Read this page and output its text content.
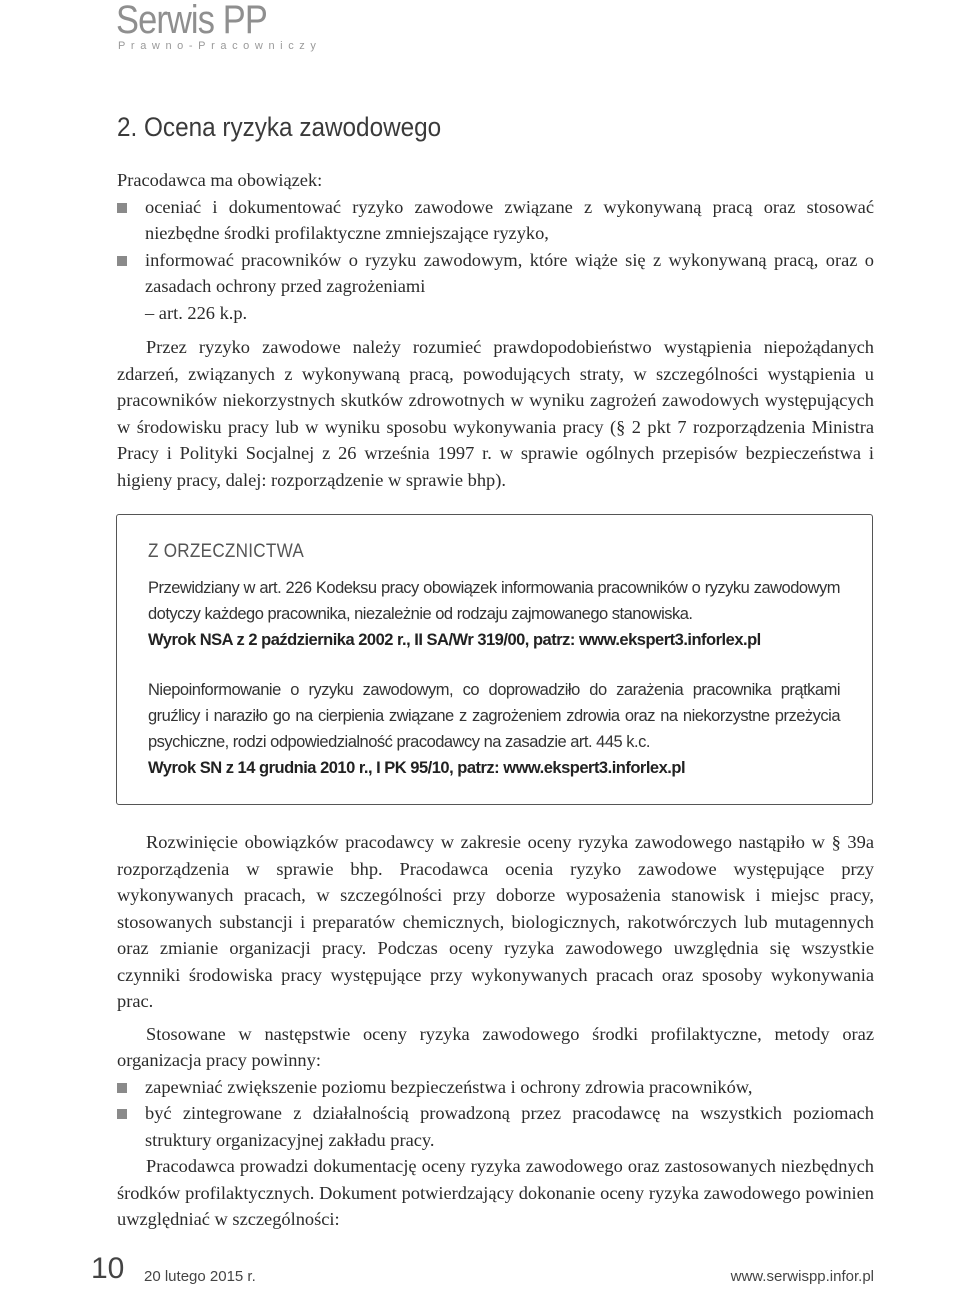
Serwis PP
Prawno-Pracowniczy
2. Ocena ryzyka zawodowego

Pracodawca ma obowiązek:

oceniać i dokumentować ryzyko zawodowe związane z wykonywaną pracą oraz stosować niezbędne środki profilaktyczne zmniejszające ryzyko,
informować pracowników o ryzyku zawodowym, które wiąże się z wykonywaną pracą, oraz o zasadach ochrony przed zagrożeniami

– art. 226 k.p.

Przez ryzyko zawodowe należy rozumieć prawdopodobieństwo wystąpienia niepożądanych zdarzeń, związanych z wykonywaną pracą, powodujących straty, w szczególności wystąpienia u pracowników niekorzystnych skutków zdrowotnych w wyniku zagrożeń zawodowych występujących w środowisku pracy lub w wyniku sposobu wykonywania pracy (§ 2 pkt 7 rozporządzenia Ministra Pracy i Polityki Socjalnej z 26 września 1997 r. w sprawie ogólnych przepisów bezpieczeństwa i higieny pracy, dalej: rozporządzenie w sprawie bhp).

Z ORZECZNICTWA
Przewidziany w art. 226 Kodeksu pracy obowiązek informowania pracowników o ryzyku zawodowym dotyczy każdego pracownika, niezależnie od rodzaju zajmowanego stanowiska.
Wyrok NSA z 2 października 2002 r., II SA/Wr 319/00, patrz: www.ekspert3.inforlex.pl
Niepoinformowanie o ryzyku zawodowym, co doprowadziło do zarażenia pracownika prątkami gruźlicy i naraziło go na cierpienia związane z zagrożeniem zdrowia oraz na niekorzystne przeżycia psychiczne, rodzi odpowiedzialność pracodawcy na zasadzie art. 445 k.c.
Wyrok SN z 14 grudnia 2010 r., I PK 95/10, patrz: www.ekspert3.inforlex.pl

Rozwinięcie obowiązków pracodawcy w zakresie oceny ryzyka zawodowego nastąpiło w § 39a rozporządzenia w sprawie bhp. Pracodawca ocenia ryzyko zawodowe występujące przy wykonywanych pracach, w szczególności przy doborze wyposażenia stanowisk i miejsc pracy, stosowanych substancji i preparatów chemicznych, biologicznych, rakotwórczych lub mutagennych oraz zmianie organizacji pracy. Podczas oceny ryzyka zawodowego uwzględnia się wszystkie czynniki środowiska pracy występujące przy wykonywanych pracach oraz sposoby wykonywania prac.

Stosowane w następstwie oceny ryzyka zawodowego środki profilaktyczne, metody oraz organizacja pracy powinny:

zapewniać zwiększenie poziomu bezpieczeństwa i ochrony zdrowia pracowników,
być zintegrowane z działalnością prowadzoną przez pracodawcę na wszystkich poziomach struktury organizacyjnej zakładu pracy.

Pracodawca prowadzi dokumentację oceny ryzyka zawodowego oraz zastosowanych niezbędnych środków profilaktycznych. Dokument potwierdzający dokonanie oceny ryzyka zawodowego powinien uwzględniać w szczególności:

10 20 lutego 2015 r.	www.serwispp.infor.pl
